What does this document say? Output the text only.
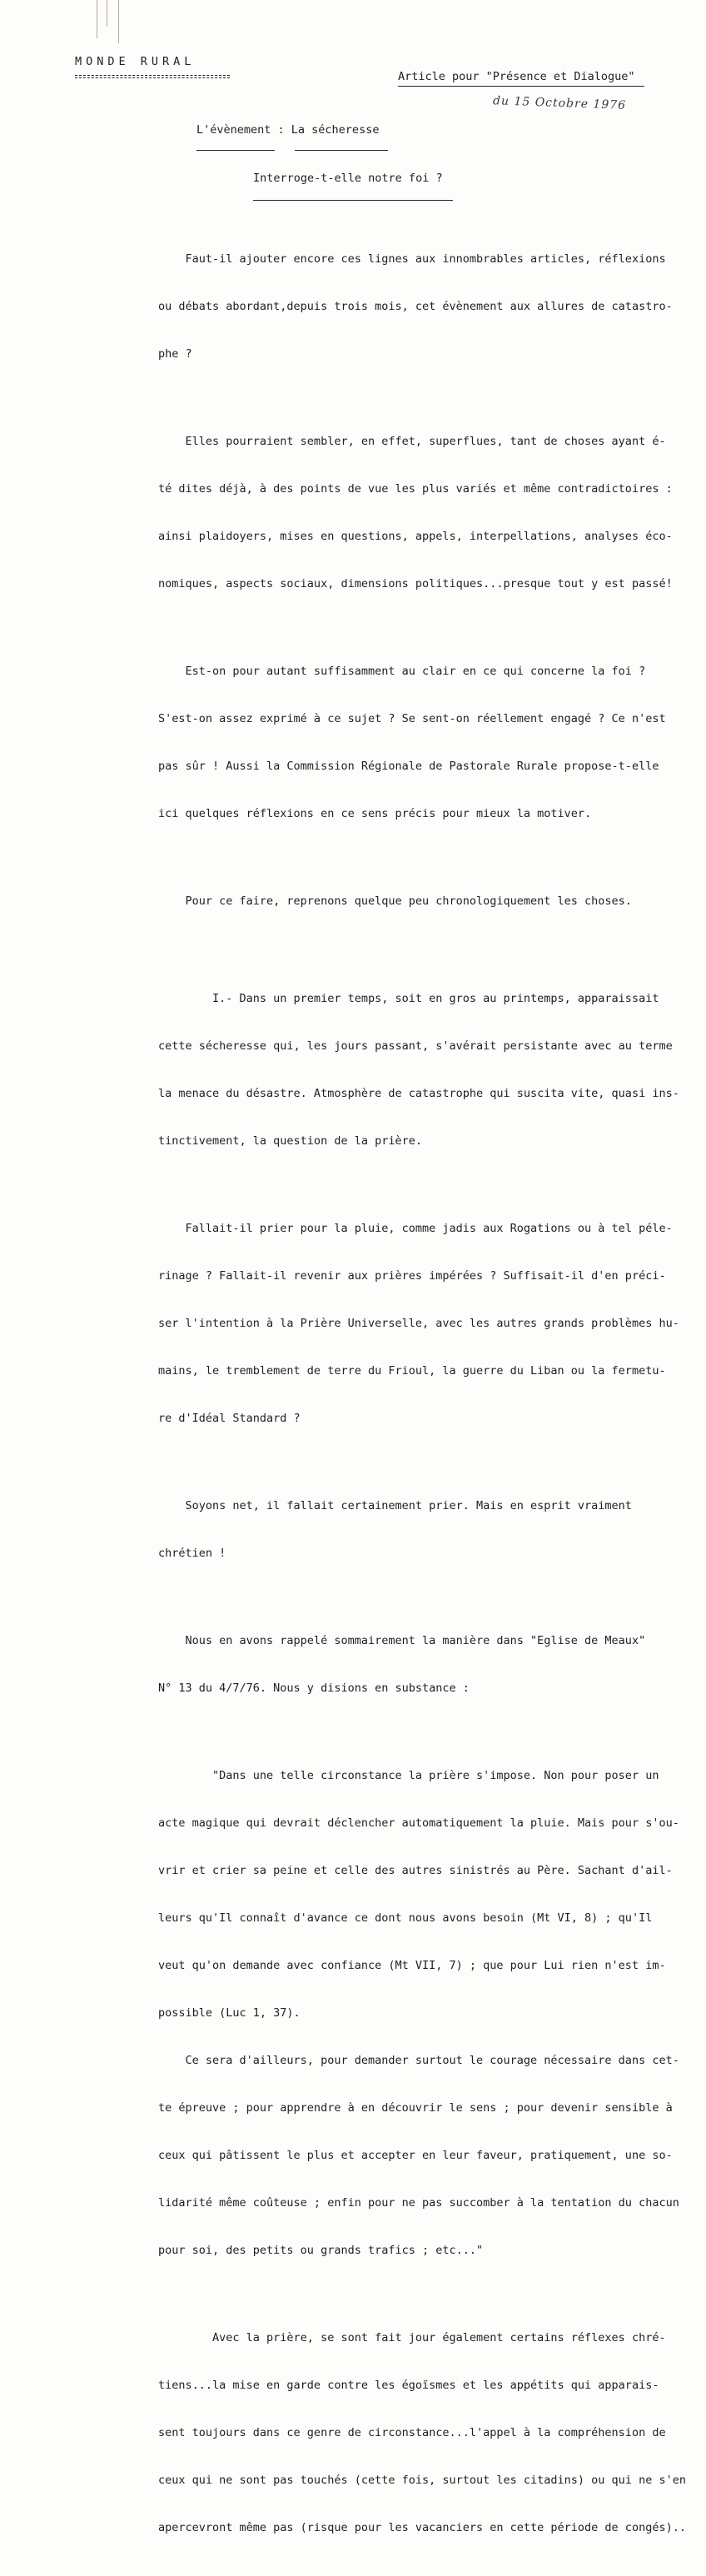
MONDE RURAL
Article pour "Présence et Dialogue"
du 15 Octobre 1976
L'évènement : La sécheresse
Interroge-t-elle notre foi ?

Faut-il ajouter encore ces lignes aux innombrables articles, réflexions

ou débats abordant,depuis trois mois, cet évènement aux allures de catastro-

phe ?

Elles pourraient sembler, en effet, superflues, tant de choses ayant é-

té dites déjà, à des points de vue les plus variés et même contradictoires :

ainsi plaidoyers, mises en questions, appels, interpellations, analyses éco-

nomiques, aspects sociaux, dimensions politiques...presque tout y est passé!

Est-on pour autant suffisamment au clair en ce qui concerne la foi ?

S'est-on assez exprimé à ce sujet ? Se sent-on réellement engagé ? Ce n'est

pas sûr ! Aussi la Commission Régionale de Pastorale Rurale propose-t-elle

ici quelques réflexions en ce sens précis pour mieux la motiver.

Pour ce faire, reprenons quelque peu chronologiquement les choses.

I.- Dans un premier temps, soit en gros au printemps, apparaissait

cette sécheresse qui, les jours passant, s'avérait persistante avec au terme

la menace du désastre. Atmosphère de catastrophe qui suscita vite, quasi ins-

tinctivement, la question de la prière.

Fallait-il prier pour la pluie, comme jadis aux Rogations ou à tel péle-

rinage ? Fallait-il revenir aux prières impérées ? Suffisait-il d'en préci-

ser l'intention à la Prière Universelle, avec les autres grands problèmes hu-

mains, le tremblement de terre du Frioul, la guerre du Liban ou la fermetu-

re d'Idéal Standard ?

Soyons net, il fallait certainement prier. Mais en esprit vraiment

chrétien !

Nous en avons rappelé sommairement la manière dans "Eglise de Meaux"

N° 13 du 4/7/76. Nous y disions en substance :

"Dans une telle circonstance la prière s'impose. Non pour poser un

acte magique qui devrait déclencher automatiquement la pluie. Mais pour s'ou-

vrir et crier sa peine et celle des autres sinistrés au Père. Sachant d'ail-

leurs qu'Il connaît d'avance ce dont nous avons besoin (Mt VI, 8) ; qu'Il

veut qu'on demande avec confiance (Mt VII, 7) ; que pour Lui rien n'est im-

possible (Luc 1, 37).

Ce sera d'ailleurs, pour demander surtout le courage nécessaire dans cet-

te épreuve ; pour apprendre à en découvrir le sens ; pour devenir sensible à

ceux qui pâtissent le plus et accepter en leur faveur, pratiquement, une so-

lidarité même coûteuse ; enfin pour ne pas succomber à la tentation du chacun

pour soi, des petits ou grands trafics ; etc..."

Avec la prière, se sont fait jour également certains réflexes chré-

tiens...la mise en garde contre les égoïsmes et les appétits qui apparais-

sent toujours dans ce genre de circonstance...l'appel à la compréhension de

ceux qui ne sont pas touchés (cette fois, surtout les citadins) ou qui ne s'en

apercevront même pas (risque pour les vacanciers en cette période de congés)..
